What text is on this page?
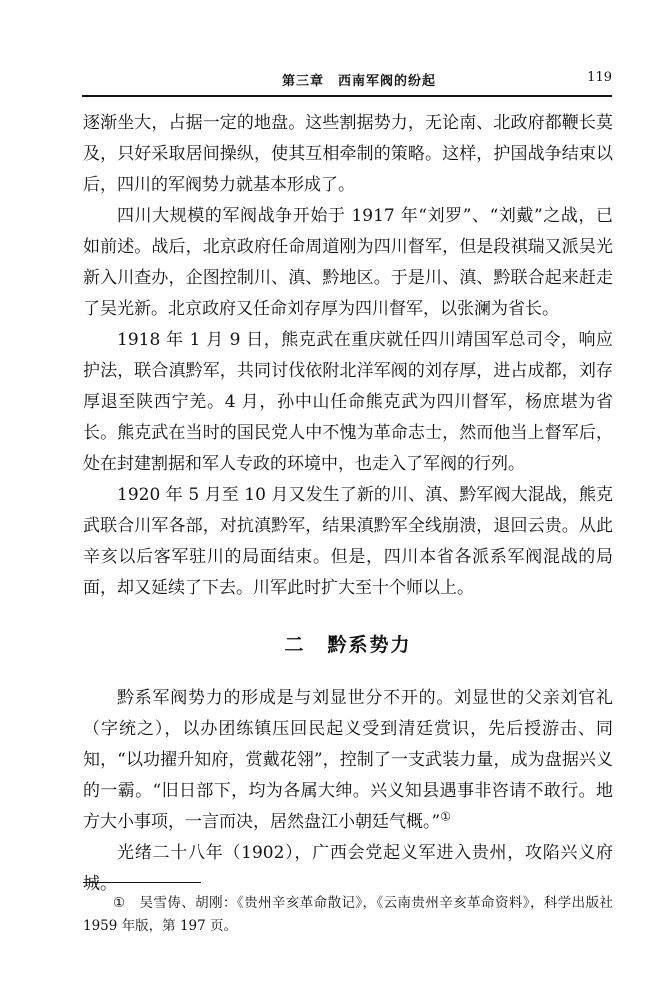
第三章　西南军阀的纷起	119

逐渐坐大，占据一定的地盘。这些割据势力，无论南、北政府都鞭长莫及，只好采取居间操纵，使其互相牵制的策略。这样，护国战争结束以后，四川的军阀势力就基本形成了。

四川大规模的军阀战争开始于 1917 年“刘罗”、“刘戴”之战，已如前述。战后，北京政府任命周道刚为四川督军，但是段祺瑞又派吴光新入川查办，企图控制川、滇、黔地区。于是川、滇、黔联合起来赶走了吴光新。北京政府又任命刘存厚为四川督军，以张澜为省长。

1918 年 1 月 9 日，熊克武在重庆就任四川靖国军总司令，响应护法，联合滇黔军，共同讨伐依附北洋军阀的刘存厚，进占成都，刘存厚退至陕西宁羌。4 月，孙中山任命熊克武为四川督军，杨庶堪为省长。熊克武在当时的国民党人中不愧为革命志士，然而他当上督军后，处在封建割据和军人专政的环境中，也走入了军阀的行列。

1920 年 5 月至 10 月又发生了新的川、滇、黔军阀大混战，熊克武联合川军各部，对抗滇黔军，结果滇黔军全线崩溃，退回云贵。从此辛亥以后客军驻川的局面结束。但是，四川本省各派系军阀混战的局面，却又延续了下去。川军此时扩大至十个师以上。

二 黔系势力

黔系军阀势力的形成是与刘显世分不开的。刘显世的父亲刘官礼（字统之），以办团练镇压回民起义受到清廷赏识，先后授游击、同知，“以功擢升知府，赏戴花翎”，控制了一支武装力量，成为盘据兴义的一霸。“旧日部下，均为各属大绅。兴义知县遇事非咨请不敢行。地方大小事项，一言而决，居然盘江小朝廷气概。”①

光绪二十八年（1902），广西会党起义军进入贵州，攻陷兴义府城。

① 吴雪俦、胡刚：《贵州辛亥革命散记》，《云南贵州辛亥革命资料》，科学出版社 1959 年版，第 197 页。
